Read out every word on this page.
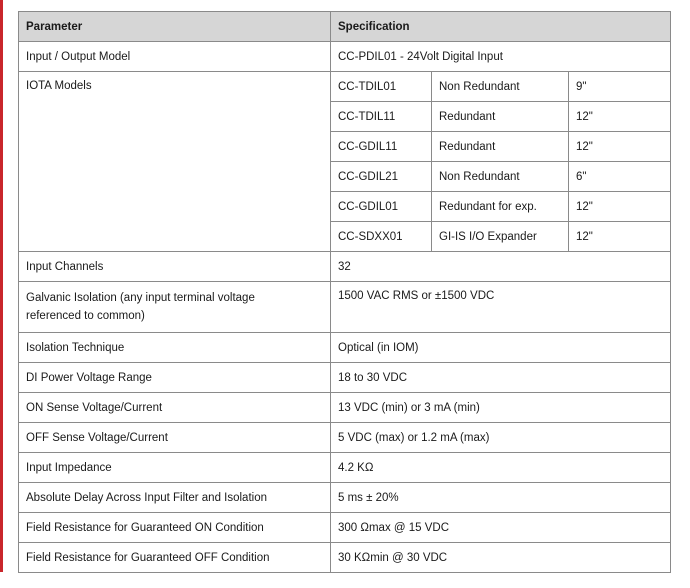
Parameter	Specification		
Input / Output Model	CC-PDIL01 - 24Volt Digital Input		
IOTA Models	CC-TDIL01	Non Redundant	9"
	CC-TDIL11	Redundant	12"
	CC-GDIL11	Redundant	12"
	CC-GDIL21	Non Redundant	6"
	CC-GDIL01	Redundant for exp.	12"
	CC-SDXX01	GI-IS I/O Expander	12"
Input Channels	32		
Galvanic Isolation (any input terminal voltage referenced to common)	1500 VAC RMS or ±1500 VDC		
Isolation Technique	Optical (in IOM)		
DI Power Voltage Range	18 to 30 VDC		
ON Sense Voltage/Current	13 VDC (min) or 3 mA (min)		
OFF Sense Voltage/Current	5 VDC (max) or 1.2 mA (max)		
Input Impedance	4.2 KΩ		
Absolute Delay Across Input Filter and Isolation	5 ms ± 20%		
Field Resistance for Guaranteed ON Condition	300 Ωmax @ 15 VDC		
Field Resistance for Guaranteed OFF Condition	30 KΩmin @ 30 VDC		
